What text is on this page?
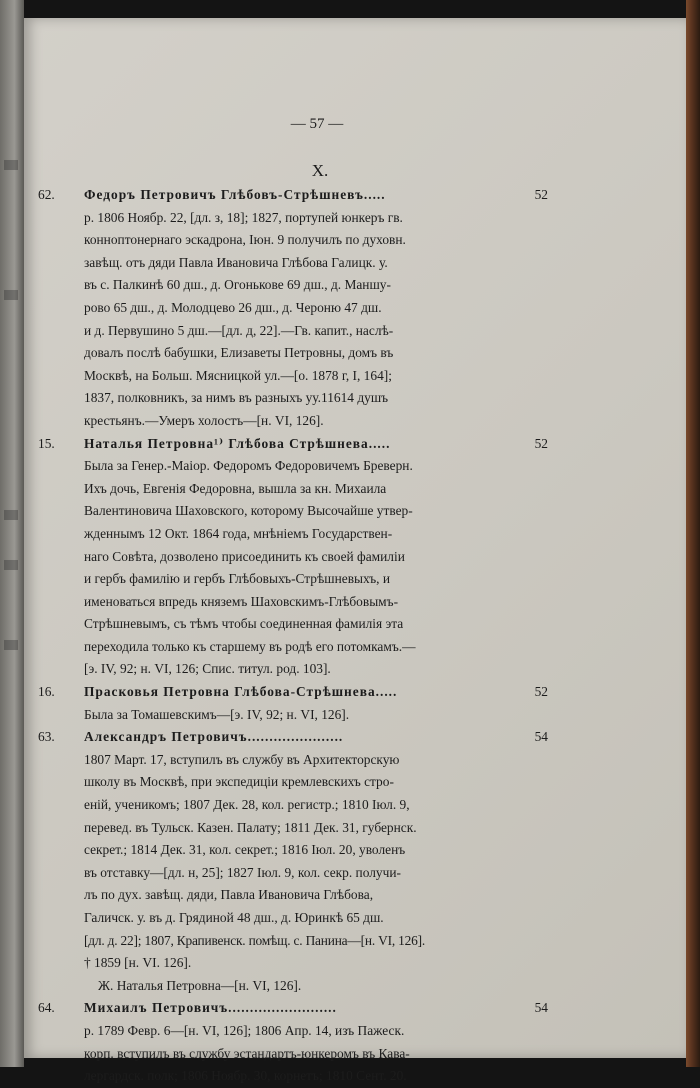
— 57 —
X.
62.	Федоръ Петровичъ Глѣбовъ-Стрѣшневъ.....	52
р. 1806 Ноябр. 22, [дл. з, 18]; 1827, портупей юнкеръ гв.
конноптонернаго эскадрона, Іюн. 9 получилъ по духовн.
завѣщ. отъ дяди Павла Ивановича Глѣбова Галицк. у.
въ с. Палкинѣ 60 дш., д. Огонькове 69 дш., д. Маншу-
рово 65 дш., д. Молодцево 26 дш., д. Чероню 47 дш.
и д. Первушино 5 дш.—[дл. д, 22].—Гв. капит., наслѣ-
довалъ послѣ бабушки, Елизаветы Петровны, домъ въ
Москвѣ, на Больш. Мясницкой ул.—[о. 1878 г, І, 164];
1837, полковникъ, за нимъ въ разныхъ уу.11614 душъ
крестьянъ.—Умеръ холостъ—[н. VІ, 126].
15.	Наталья Петровна¹⁾ Глѣбова Стрѣшнева.....	52
Была за Генер.-Маіор. Федоромъ Федоровичемъ Бреверн.
Ихъ дочь, Евгенія Федоровна, вышла за кн. Михаила
Валентиновича Шаховского, которому Высочайше утвер-
жденнымъ 12 Окт. 1864 года, мнѣніемъ Государствен-
наго Совѣта, дозволено присоединить къ своей фамиліи
и гербъ фамилію и гербъ Глѣбовыхъ-Стрѣшневыхъ, и
именоваться впредь княземъ Шаховскимъ-Глѣбовымъ-
Стрѣшневымъ, съ тѣмъ чтобы соединенная фамилія эта
переходила только къ старшему въ родѣ его потомкамъ.—
[э. ІV, 92; н. VІ, 126; Спис. титул. род. 103].
16.	Прасковья Петровна Глѣбова-Стрѣшнева.....	52
Была за Томашевскимъ—[э. ІV, 92; н. VІ, 126].
63.	Александръ Петровичъ......................	54
1807 Март. 17, вступилъ въ службу въ Архитекторскую
школу въ Москвѣ, при экспедиціи кремлевскихъ стро-
еній, ученикомъ; 1807 Дек. 28, кол. регистр.; 1810 Іюл. 9,
перевед. въ Тульск. Казен. Палату; 1811 Дек. 31, губернск.
секрет.; 1814 Дек. 31, кол. секрет.; 1816 Іюл. 20, уволенъ
въ отставку—[дл. н, 25]; 1827 Іюл. 9, кол. секр. получи-
лъ по дух. завѣщ. дяди, Павла Ивановича Глѣбова,
Галичск. у. въ д. Грядиной 48 дш., д. Юринкѣ 65 дш.
[дл. д. 22]; 1807, Крапивенск. помѣщ. с. Панина—[н. VІ, 126].
† 1859 [н. VІ. 126].
Ж. Наталья Петровна—[н. VІ, 126].
64.	Михаилъ Петровичъ.........................	54
р. 1789 Февр. 6—[н. VІ, 126]; 1806 Апр. 14, изъ Пажеск.
корп. вступилъ въ службу эстандартъ-юнкеромъ въ Кава-
лергардск. полк; 1806 Ноябр. 30, корнетъ; 1810 Сент. 20.
